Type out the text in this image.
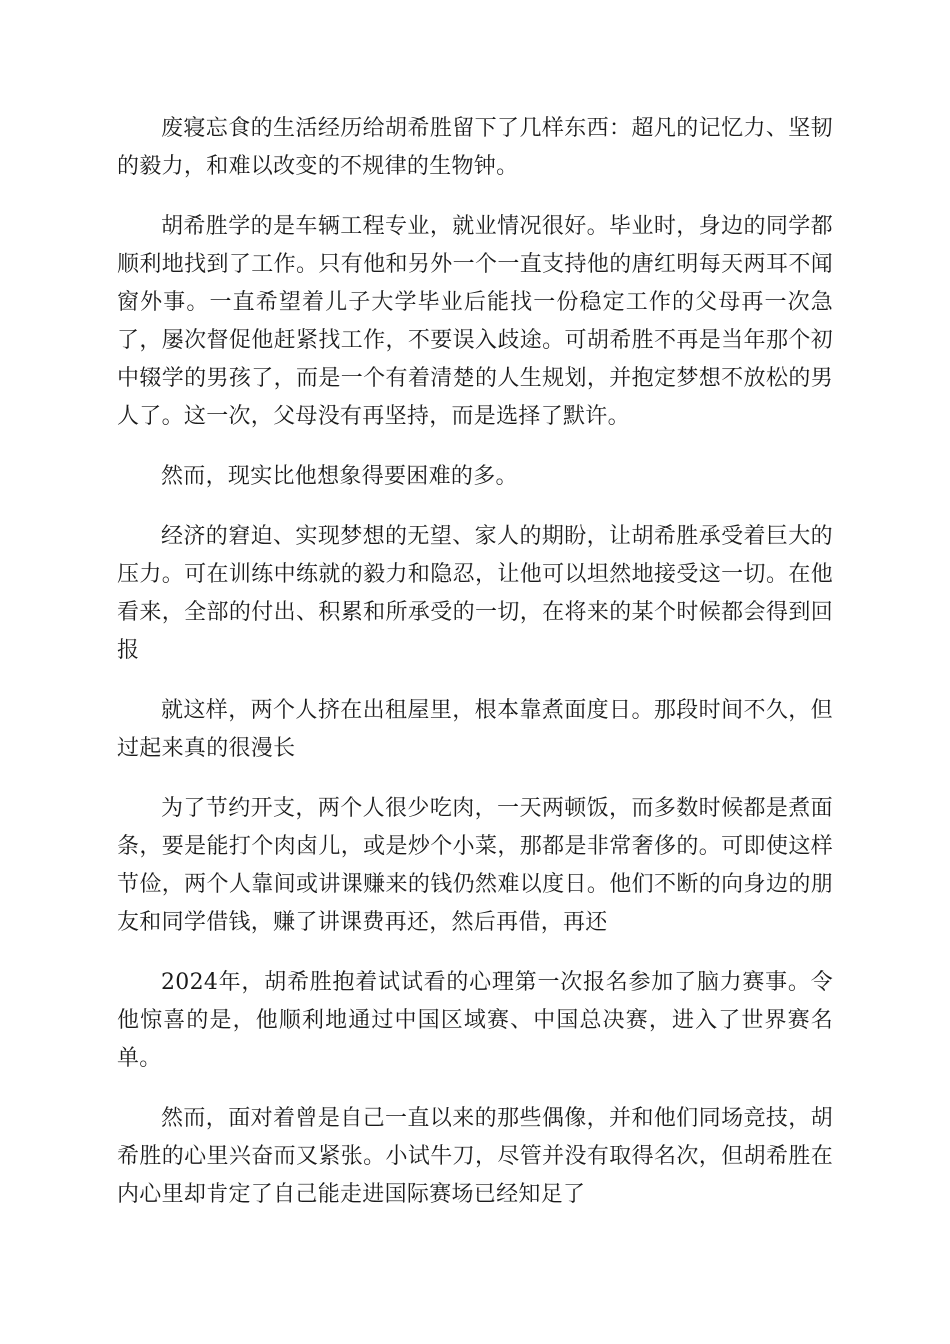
废寝忘食的生活经历给胡希胜留下了几样东西：超凡的记忆力、坚韧的毅力，和难以改变的不规律的生物钟。

胡希胜学的是车辆工程专业，就业情况很好。毕业时，身边的同学都顺利地找到了工作。只有他和另外一个一直支持他的唐红明每天两耳不闻窗外事。一直希望着儿子大学毕业后能找一份稳定工作的父母再一次急了，屡次督促他赶紧找工作，不要误入歧途。可胡希胜不再是当年那个初中辍学的男孩了，而是一个有着清楚的人生规划，并抱定梦想不放松的男人了。这一次，父母没有再坚持，而是选择了默许。

然而，现实比他想象得要困难的多。

经济的窘迫、实现梦想的无望、家人的期盼，让胡希胜承受着巨大的压力。可在训练中练就的毅力和隐忍，让他可以坦然地接受这一切。在他看来，全部的付出、积累和所承受的一切，在将来的某个时候都会得到回报

就这样，两个人挤在出租屋里，根本靠煮面度日。那段时间不久，但过起来真的很漫长

为了节约开支，两个人很少吃肉，一天两顿饭，而多数时候都是煮面条，要是能打个肉卤儿，或是炒个小菜，那都是非常奢侈的。可即使这样节俭，两个人靠间或讲课赚来的钱仍然难以度日。他们不断的向身边的朋友和同学借钱，赚了讲课费再还，然后再借，再还

2024年，胡希胜抱着试试看的心理第一次报名参加了脑力赛事。令他惊喜的是，他顺利地通过中国区域赛、中国总决赛，进入了世界赛名单。

然而，面对着曾是自己一直以来的那些偶像，并和他们同场竞技，胡希胜的心里兴奋而又紧张。小试牛刀，尽管并没有取得名次，但胡希胜在内心里却肯定了自己能走进国际赛场已经知足了
